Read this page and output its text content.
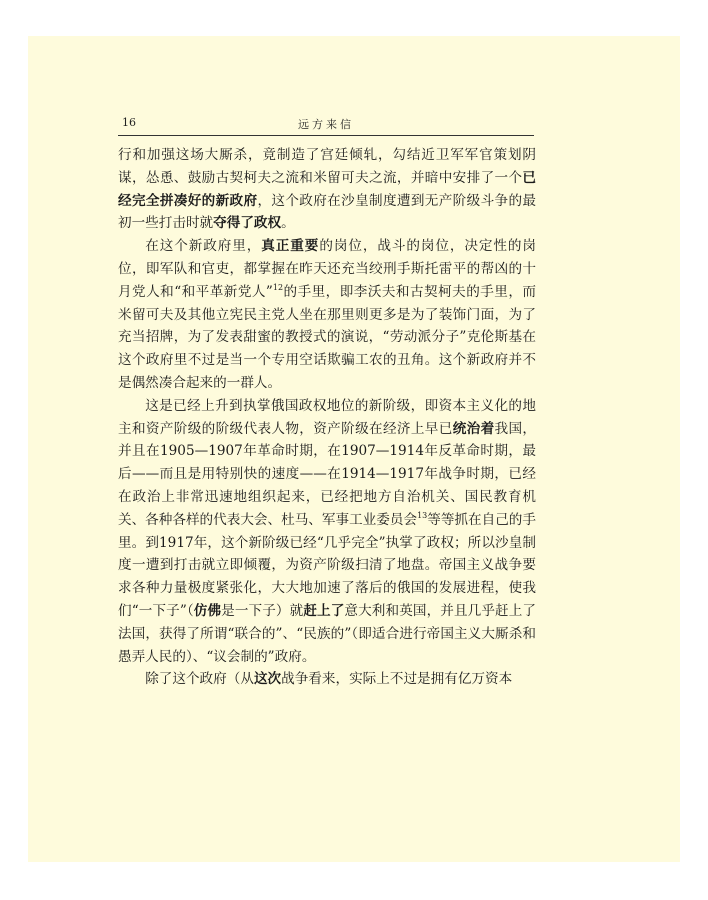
16	远方来信

行和加强这场大厮杀，竟制造了宫廷倾轧，勾结近卫军军官策划阴谋，怂恿、鼓励古契柯夫之流和米留可夫之流，并暗中安排了一个已经完全拼凑好的新政府，这个政府在沙皇制度遭到无产阶级斗争的最初一些打击时就夺得了政权。

在这个新政府里，真正重要的岗位，战斗的岗位，决定性的岗位，即军队和官吏，都掌握在昨天还充当绞刑手斯托雷平的帮凶的十月党人和“和平革新党人”$^{12}$的手里，即李沃夫和古契柯夫的手里，而米留可夫及其他立宪民主党人坐在那里则更多是为了装饰门面，为了充当招牌，为了发表甜蜜的教授式的演说，“劳动派分子”克伦斯基在这个政府里不过是当一个专用空话欺骗工农的丑角。这个新政府并不是偶然凑合起来的一群人。

这是已经上升到执掌俄国政权地位的新阶级，即资本主义化的地主和资产阶级的阶级代表人物，资产阶级在经济上早已统治着我国，并且在1905—1907年革命时期，在1907—1914年反革命时期，最后——而且是用特别快的速度——在1914—1917年战争时期，已经在政治上非常迅速地组织起来，已经把地方自治机关、国民教育机关、各种各样的代表大会、杜马、军事工业委员会$^{13}$等等抓在自己的手里。到1917年，这个新阶级已经“几乎完全”执掌了政权；所以沙皇制度一遭到打击就立即倾覆，为资产阶级扫清了地盘。帝国主义战争要求各种力量极度紧张化，大大地加速了落后的俄国的发展进程，使我们“一下子”（仿佛是一下子）就赶上了意大利和英国，并且几乎赶上了法国，获得了所谓“联合的”、“民族的”（即适合进行帝国主义大厮杀和愚弄人民的）、“议会制的”政府。

除了这个政府（从这次战争看来，实际上不过是拥有亿万资本
